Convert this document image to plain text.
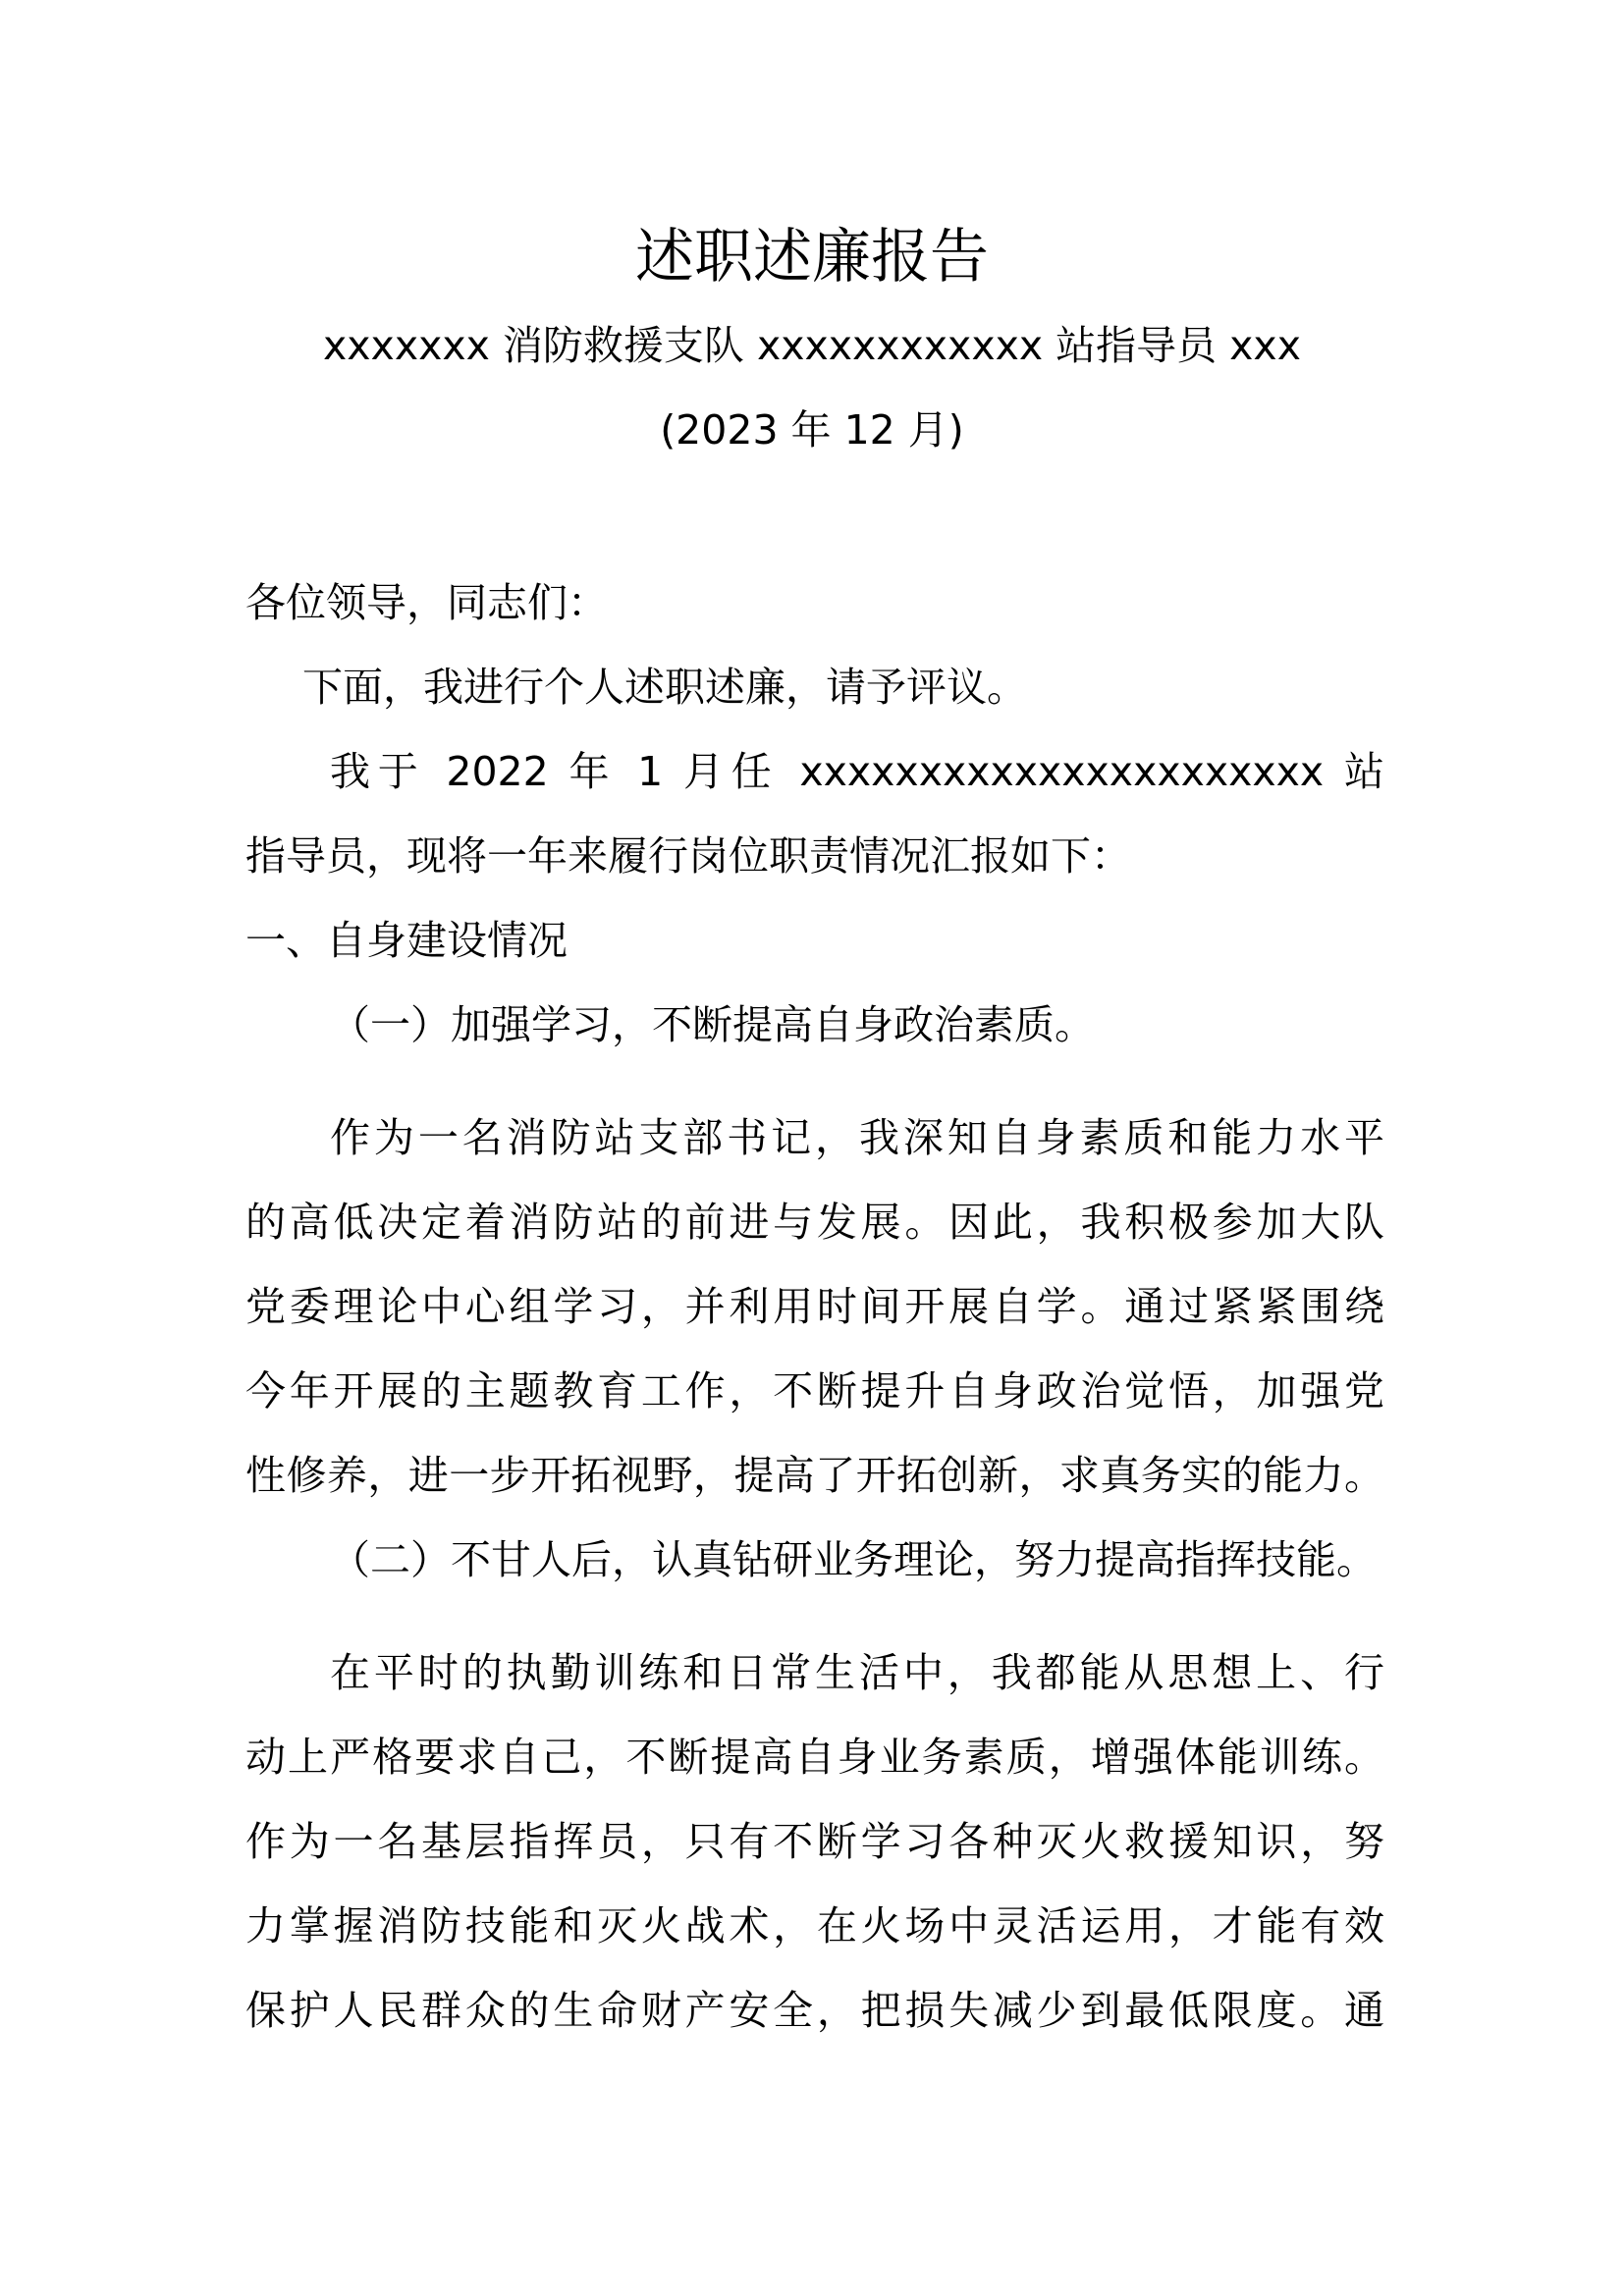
述职述廉报告
xxxxxxx 消防救援支队 xxxxxxxxxxxx 站指导员 xxx
(2023 年 12 月)
各位领导，同志们：
下面，我进行个人述职述廉，请予评议。
我于 2022 年 1 月任 xxxxxxxxxxxxxxxxxxxxxx 站
指导员，现将一年来履行岗位职责情况汇报如下：
一、自身建设情况
（一）加强学习，不断提高自身政治素质。
作为一名消防站支部书记，我深知自身素质和能力水平
的高低决定着消防站的前进与发展。因此，我积极参加大队
党委理论中心组学习，并利用时间开展自学。通过紧紧围绕
今年开展的主题教育工作，不断提升自身政治觉悟，加强党
性修养，进一步开拓视野，提高了开拓创新，求真务实的能力。
（二）不甘人后，认真钻研业务理论，努力提高指挥技能。
在平时的执勤训练和日常生活中，我都能从思想上、行
动上严格要求自己，不断提高自身业务素质，增强体能训练。
作为一名基层指挥员，只有不断学习各种灭火救援知识，努
力掌握消防技能和灭火战术，在火场中灵活运用，才能有效
保护人民群众的生命财产安全，把损失减少到最低限度。通
